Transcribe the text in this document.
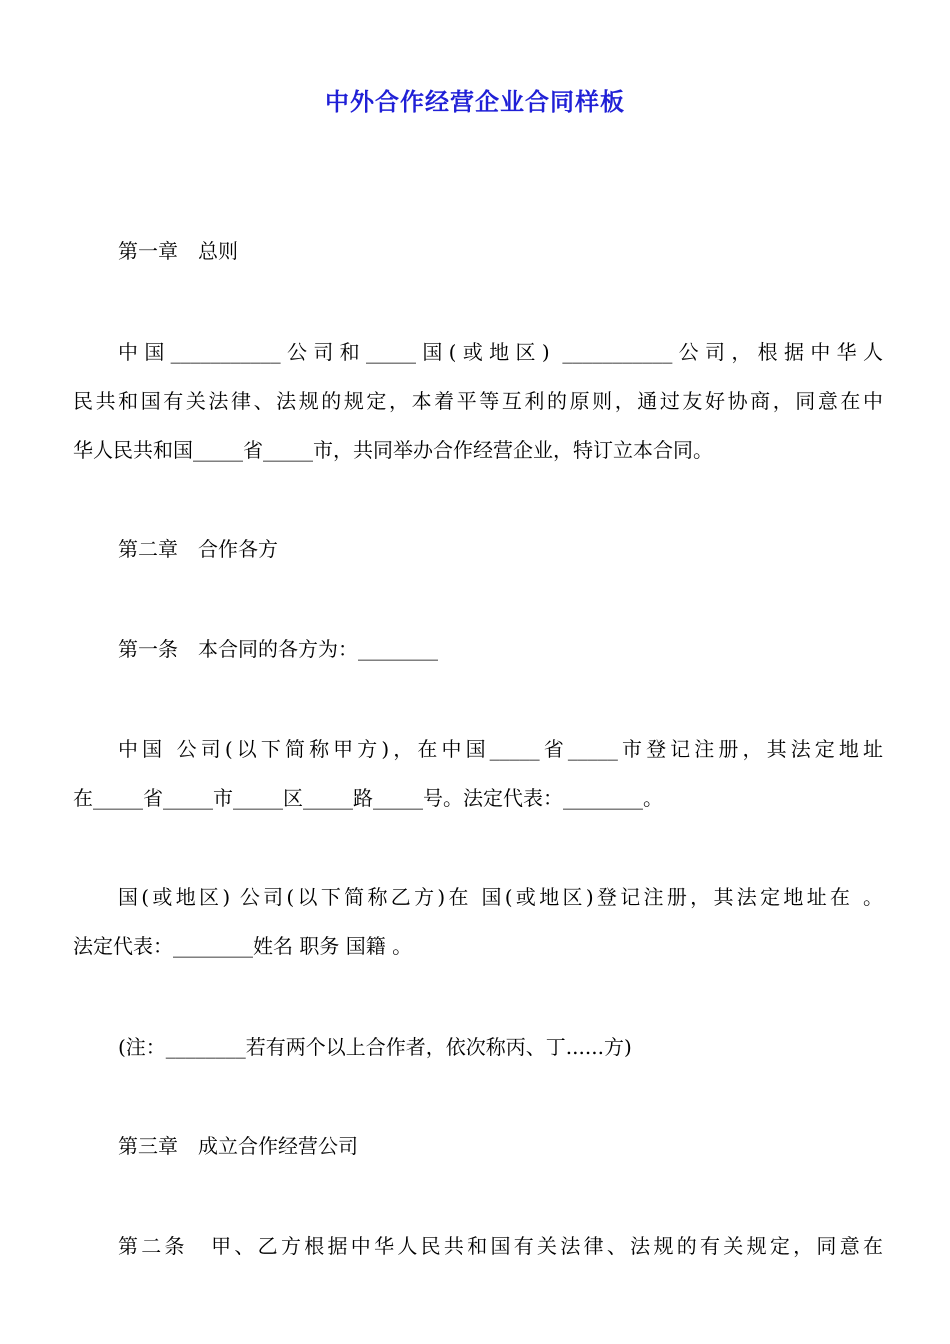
中外合作经营企业合同样板
第一章　总则
中国___________公司和_____国(或地区) ___________公司，根据中华人
民共和国有关法律、法规的规定，本着平等互利的原则，通过友好协商，同意在中
华人民共和国_____省_____市，共同举办合作经营企业，特订立本合同。
第二章　合作各方
第一条　本合同的各方为：________
中国 公司(以下简称甲方)，在中国_____省_____市登记注册，其法定地址
在_____省_____市_____区_____路_____号。法定代表：________。
国(或地区) 公司(以下简称乙方)在 国(或地区)登记注册，其法定地址在 。
法定代表：________姓名 职务 国籍 。
(注：________若有两个以上合作者，依次称丙、丁......方)
第三章　成立合作经营公司
第二条　甲、乙方根据中华人民共和国有关法律、法规的有关规定，同意在
